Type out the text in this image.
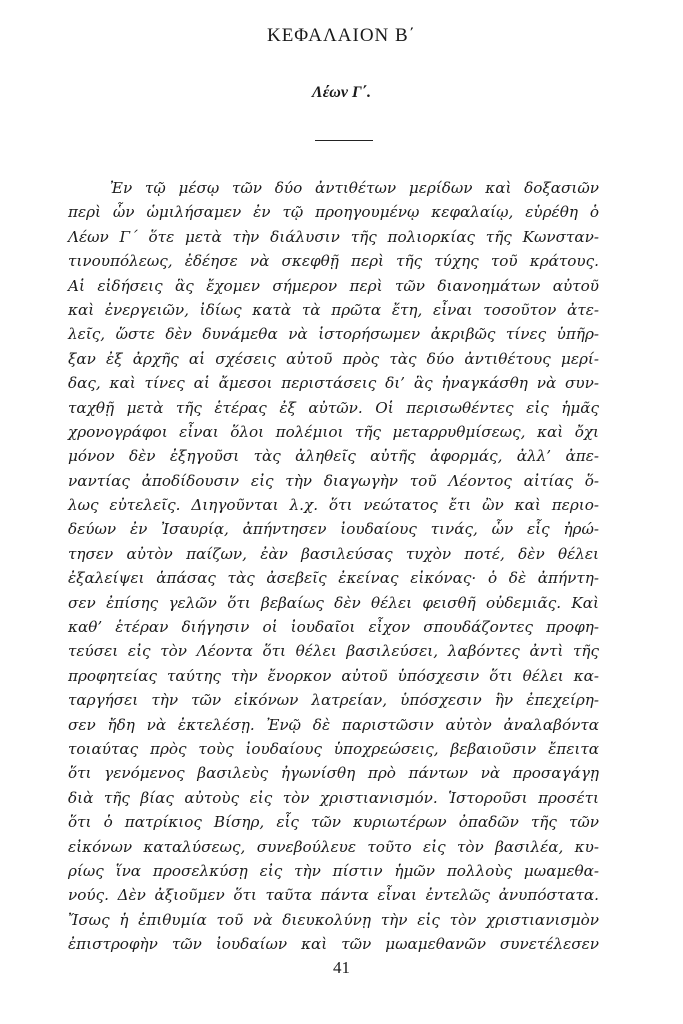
ΚΕΦΑΛΑΙΟΝ Β΄
Λέων Γ΄.
Ἐν τῷ μέσῳ τῶν δύο ἀντιθέτων μερίδων καὶ δοξασιῶν
περὶ ὧν ὡμιλήσαμεν ἐν τῷ προηγουμένῳ κεφαλαίῳ, εὑρέθη ὁ
Λέων Γ΄ ὅτε μετὰ τὴν διάλυσιν τῆς πολιορκίας τῆς Κωνσταν-
τινουπόλεως, ἐδέησε νὰ σκεφθῇ περὶ τῆς τύχης τοῦ κράτους.
Αἱ εἰδήσεις ἃς ἔχομεν σήμερον περὶ τῶν διανοημάτων αὐτοῦ
καὶ ἐνεργειῶν, ἰδίως κατὰ τὰ πρῶτα ἔτη, εἶναι τοσοῦτον ἀτε-
λεῖς, ὥστε δὲν δυνάμεθα νὰ ἱστορήσωμεν ἀκριβῶς τίνες ὑπῆρ-
ξαν ἐξ ἀρχῆς αἱ σχέσεις αὐτοῦ πρὸς τὰς δύο ἀντιθέτους μερί-
δας, καὶ τίνες αἱ ἄμεσοι περιστάσεις δι’ ἃς ἠναγκάσθη νὰ συν-
ταχθῇ μετὰ τῆς ἑτέρας ἐξ αὐτῶν. Οἱ περισωθέντες εἰς ἡμᾶς
χρονογράφοι εἶναι ὅλοι πολέμιοι τῆς μεταρρυθμίσεως, καὶ ὄχι
μόνον δὲν ἐξηγοῦσι τὰς ἀληθεῖς αὐτῆς ἀφορμάς, ἀλλ’ ἀπε-
ναντίας ἀποδίδουσιν εἰς τὴν διαγωγὴν τοῦ Λέοντος αἰτίας ὅ-
λως εὐτελεῖς. Διηγοῦνται λ.χ. ὅτι νεώτατος ἔτι ὢν καὶ περιο-
δεύων ἐν Ἰσαυρίᾳ, ἀπήντησεν ἰουδαίους τινάς, ὧν εἷς ἠρώ-
τησεν αὐτὸν παίζων, ἐὰν βασιλεύσας τυχὸν ποτέ, δὲν θέλει
ἐξαλείψει ἁπάσας τὰς ἀσεβεῖς ἐκείνας εἰκόνας· ὁ δὲ ἀπήντη-
σεν ἐπίσης γελῶν ὅτι βεβαίως δὲν θέλει φεισθῆ οὐδεμιᾶς. Καὶ
καθ’ ἑτέραν διήγησιν οἱ ἰουδαῖοι εἶχον σπουδάζοντες προφη-
τεύσει εἰς τὸν Λέοντα ὅτι θέλει βασιλεύσει, λαβόντες ἀντὶ τῆς
προφητείας ταύτης τὴν ἔνορκον αὐτοῦ ὑπόσχεσιν ὅτι θέλει κα-
ταργήσει τὴν τῶν εἰκόνων λατρείαν, ὑπόσχεσιν ἣν ἐπεχείρη-
σεν ἤδη νὰ ἐκτελέσῃ. Ἐνῷ δὲ παριστῶσιν αὐτὸν ἀναλαβόντα
τοιαύτας πρὸς τοὺς ἰουδαίους ὑποχρεώσεις, βεβαιοῦσιν ἔπειτα
ὅτι γενόμενος βασιλεὺς ἠγωνίσθη πρὸ πάντων νὰ προσαγάγῃ
διὰ τῆς βίας αὐτοὺς εἰς τὸν χριστιανισμόν. Ἱστοροῦσι προσέτι
ὅτι ὁ πατρίκιος Βίσηρ, εἷς τῶν κυριωτέρων ὀπαδῶν τῆς τῶν
εἰκόνων καταλύσεως, συνεβούλευε τοῦτο εἰς τὸν βασιλέα, κυ-
ρίως ἵνα προσελκύσῃ εἰς τὴν πίστιν ἡμῶν πολλοὺς μωαμεθα-
νούς. Δὲν ἀξιοῦμεν ὅτι ταῦτα πάντα εἶναι ἐντελῶς ἀνυπόστατα.
Ἴσως ἡ ἐπιθυμία τοῦ νὰ διευκολύνῃ τὴν εἰς τὸν χριστιανισμὸν
ἐπιστροφὴν τῶν ἰουδαίων καὶ τῶν μωαμεθανῶν συνετέλεσεν
41
